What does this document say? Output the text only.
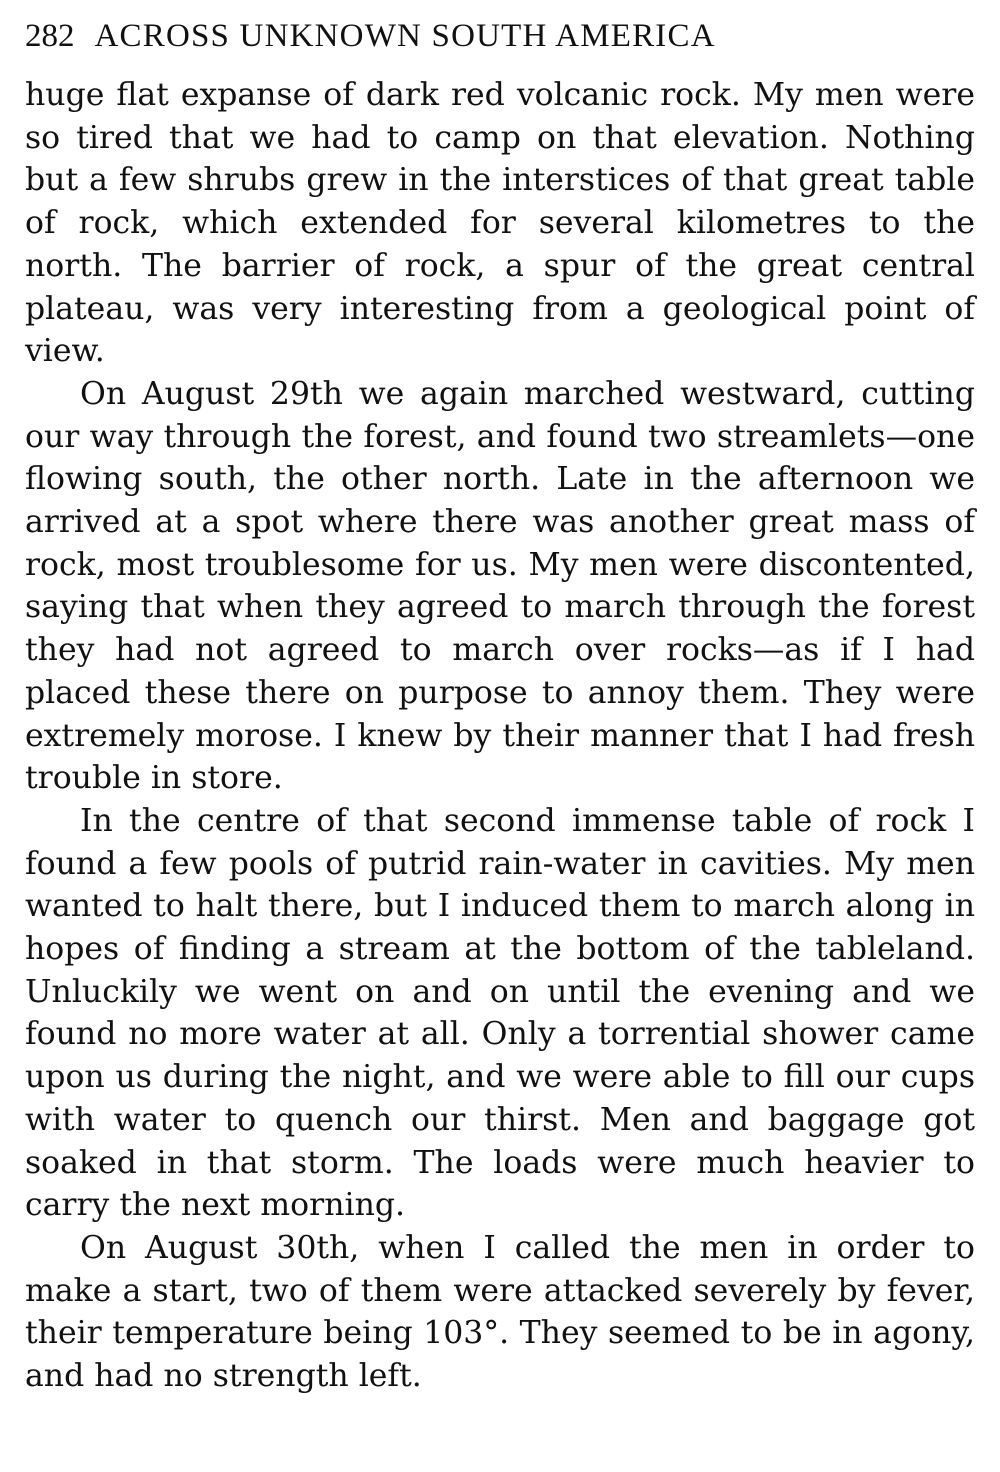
282 ACROSS UNKNOWN SOUTH AMERICA

huge flat expanse of dark red volcanic rock. My men were so tired that we had to camp on that elevation. Nothing but a few shrubs grew in the interstices of that great table of rock, which extended for several kilometres to the north. The barrier of rock, a spur of the great central plateau, was very interesting from a geological point of view.

On August 29th we again marched westward, cutting our way through the forest, and found two streamlets—one flowing south, the other north. Late in the afternoon we arrived at a spot where there was another great mass of rock, most troublesome for us. My men were discontented, saying that when they agreed to march through the forest they had not agreed to march over rocks—as if I had placed these there on purpose to annoy them. They were extremely morose. I knew by their manner that I had fresh trouble in store.

In the centre of that second immense table of rock I found a few pools of putrid rain-water in cavities. My men wanted to halt there, but I induced them to march along in hopes of finding a stream at the bottom of the tableland. Unluckily we went on and on until the evening and we found no more water at all. Only a torrential shower came upon us during the night, and we were able to fill our cups with water to quench our thirst. Men and baggage got soaked in that storm. The loads were much heavier to carry the next morning.

On August 30th, when I called the men in order to make a start, two of them were attacked severely by fever, their temperature being 103°. They seemed to be in agony, and had no strength left.
